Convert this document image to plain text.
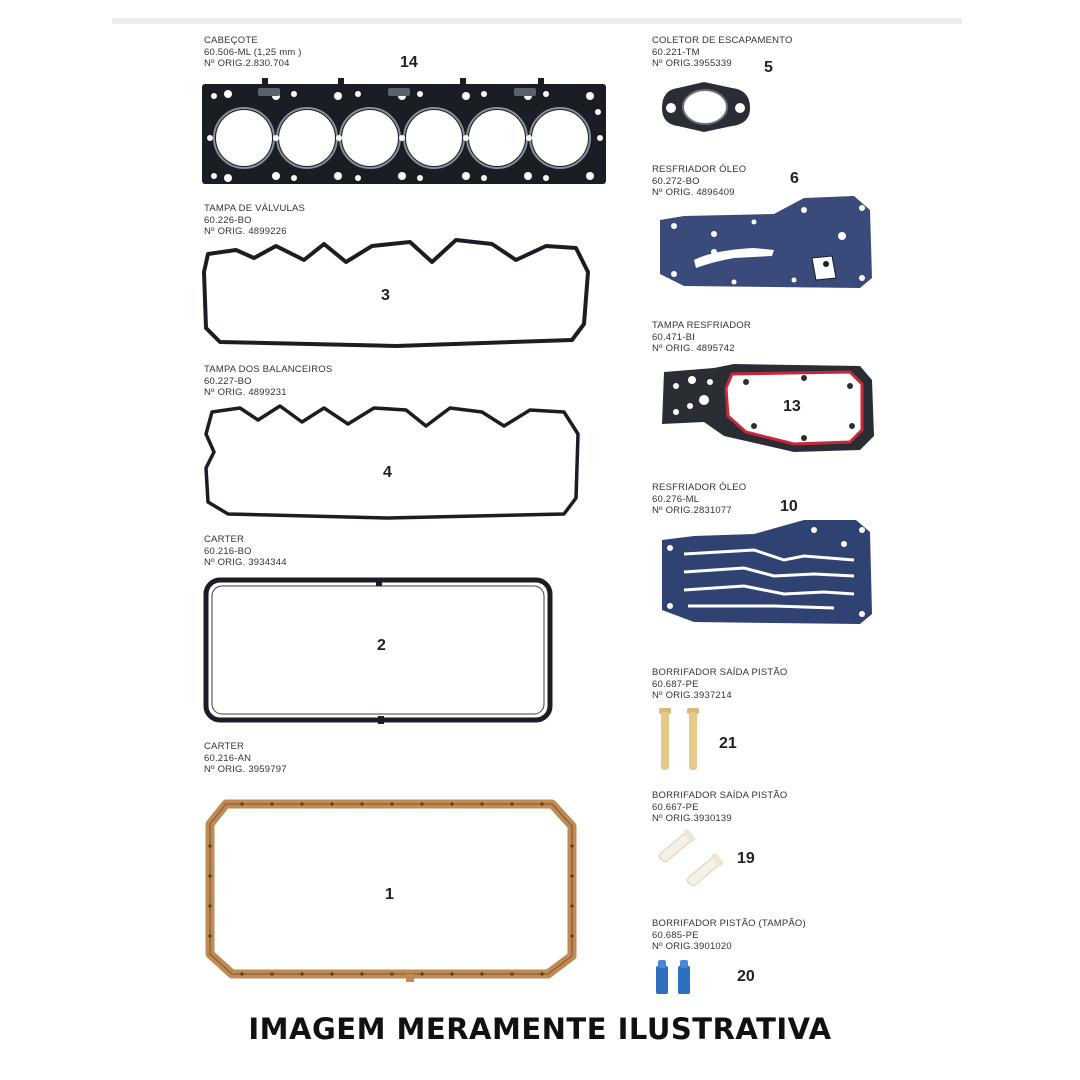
CABEÇOTE
60.506-ML (1,25 mm )
Nº ORIG.2.830.704	14
TAMPA DE VÁLVULAS
60.226-BO
Nº ORIG. 4899226
3
TAMPA DOS BALANCEIROS
60.227-BO
Nº ORIG. 4899231
4
CARTER
60.216-BO
Nº ORIG. 3934344
2
CARTER
60.216-AN
Nº ORIG. 3959797
1
COLETOR DE ESCAPAMENTO
60.221-TM
Nº ORIG.3955339	5
RESFRIADOR ÓLEO
60.272-BO
Nº ORIG. 4896409
6
TAMPA RESFRIADOR
60.471-BI
Nº ORIG. 4895742
13
RESFRIADOR ÓLEO
60.276-ML
Nº ORIG.2831077	10
BORRIFADOR SAÍDA PISTÃO
60.687-PE
Nº ORIG.3937214
21
BORRIFADOR SAÍDA PISTÃO
60.667-PE
Nº ORIG.3930139
19
BORRIFADOR PISTÃO (TAMPÃO)
60.685-PE
Nº ORIG.3901020
20
IMAGEM MERAMENTE ILUSTRATIVA
